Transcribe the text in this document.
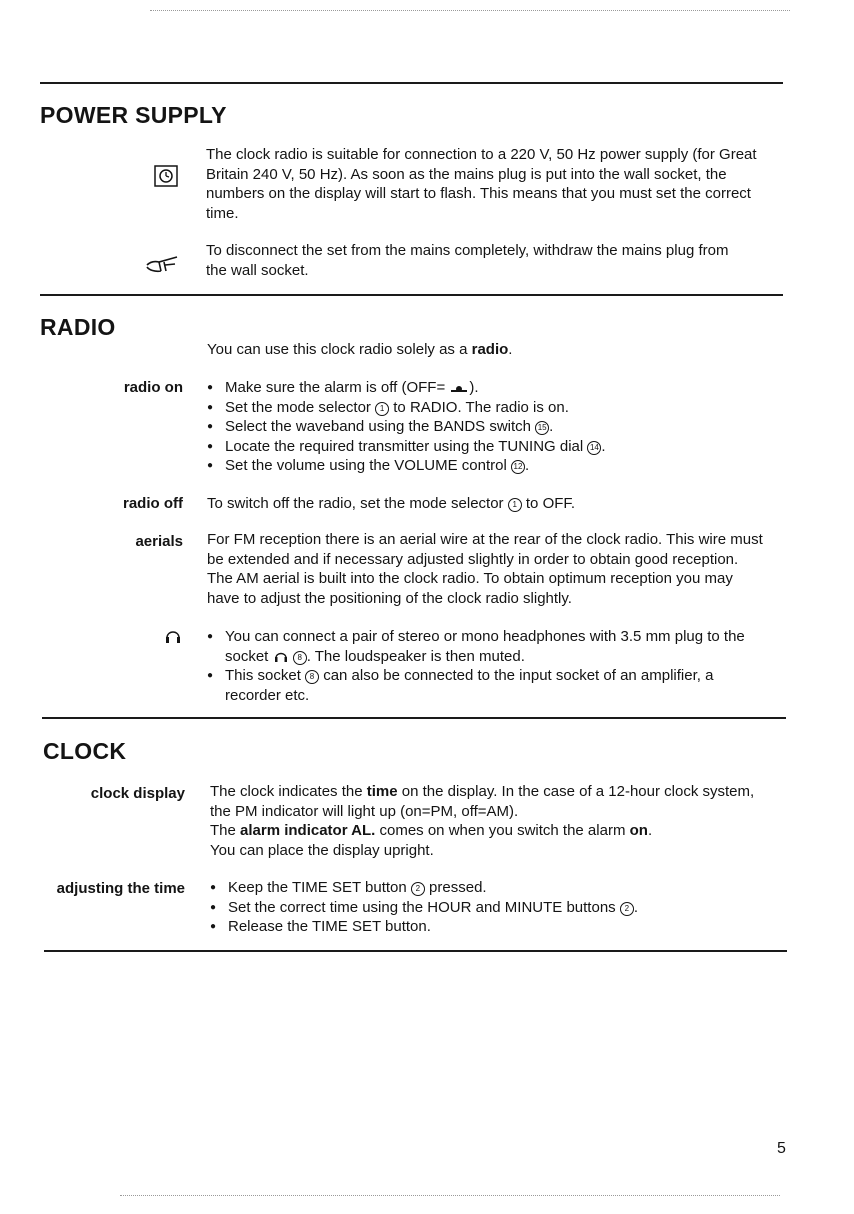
POWER SUPPLY
The clock radio is suitable for connection to a 220 V, 50 Hz power supply (for Great
Britain 240 V, 50 Hz). As soon as the mains plug is put into the wall socket, the
numbers on the display will start to flash. This means that you must set the correct
time.
To disconnect the set from the mains completely, withdraw the mains plug from
the wall socket.
RADIO
You can use this clock radio solely as a radio.
radio on	● Make sure the alarm is off (OFF= ).
● Set the mode selector 1 to RADIO. The radio is on.
● Select the waveband using the BANDS switch 15 .
● Locate the required transmitter using the TUNING dial 14 .
● Set the volume using the VOLUME control 12 .
radio off To switch off the radio, set the mode selector 1 to OFF.
aerials For FM reception there is an aerial wire at the rear of the clock radio. This wire must
be extended and if necessary adjusted slightly in order to obtain good reception.
The AM aerial is built into the clock radio. To obtain optimum reception you may
have to adjust the positioning of the clock radio slightly.
● You can connect a pair of stereo or mono headphones with 3.5 mm plug to the
socket	8 . The loudspeaker is then muted.
● This socket 8 can also be connected to the input socket of an amplifier, a
recorder etc.
CLOCK
clock display The clock indicates the time on the display. In the case of a 12-hour clock system,
the PM indicator will light up (on=PM, off=AM).
The alarm indicator AL. comes on when you switch the alarm on.
You can place the display upright.
adjusting the time	● Keep the TIME SET button 2 pressed.
● Set the correct time using the HOUR and MINUTE buttons 2 .
● Release the TIME SET button.
5
